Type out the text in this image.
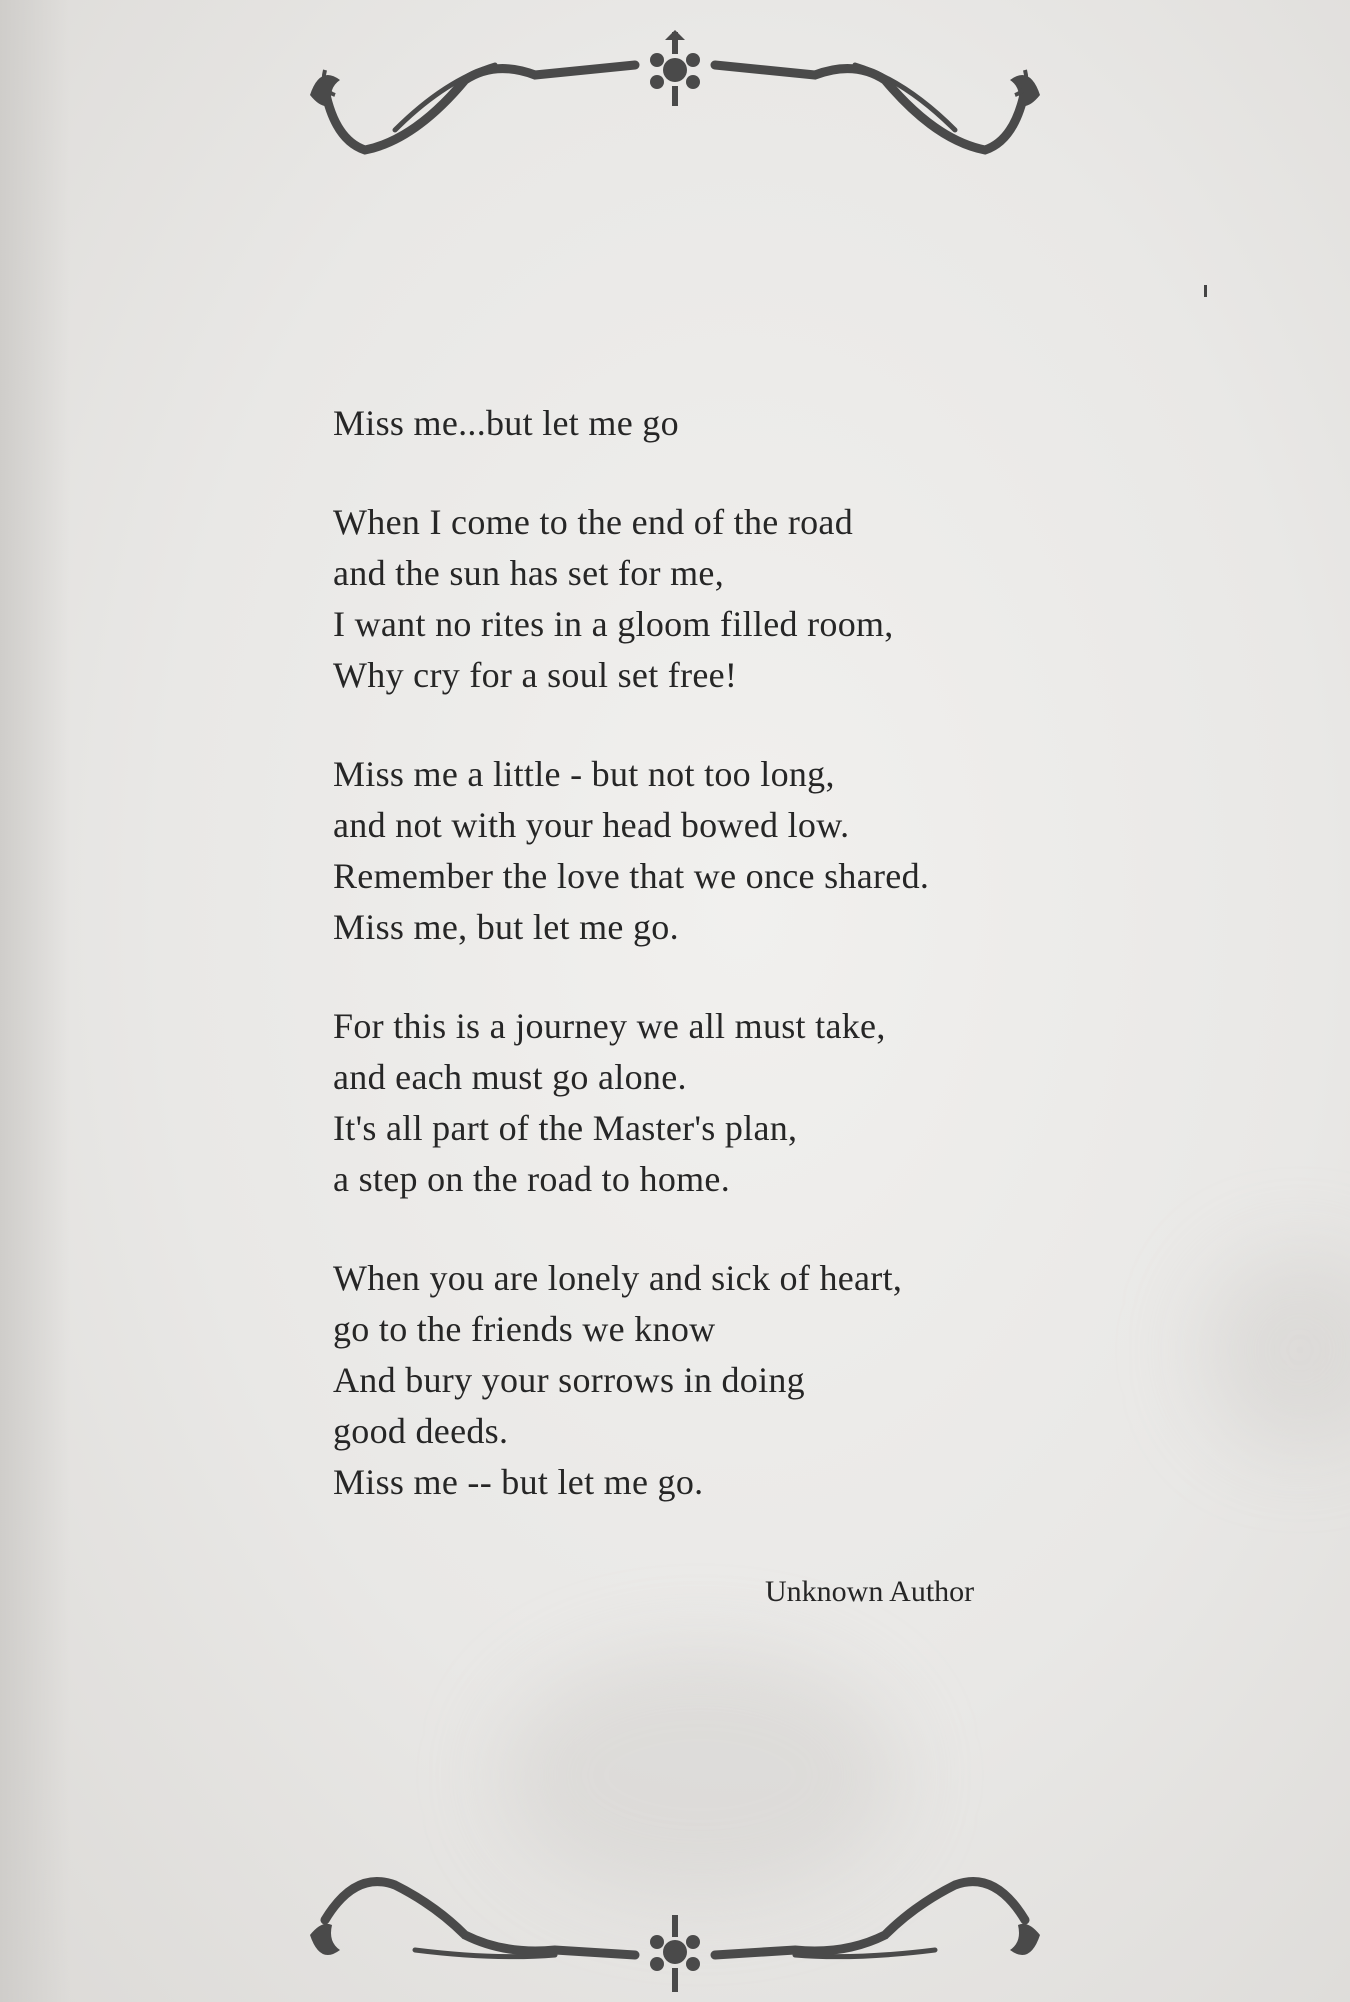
Miss me...but let me go
When I come to the end of the road
and the sun has set for me,
I want no rites in a gloom filled room,
Why cry for a soul set free!
Miss me a little - but not too long,
and not with your head bowed low.
Remember the love that we once shared.
Miss me, but let me go.
For this is a journey we all must take,
and each must go alone.
It's all part of the Master's plan,
a step on the road to home.
When you are lonely and sick of heart,
go to the friends we know
And bury your sorrows in doing
good deeds.
Miss me -- but let me go.
Unknown Author
